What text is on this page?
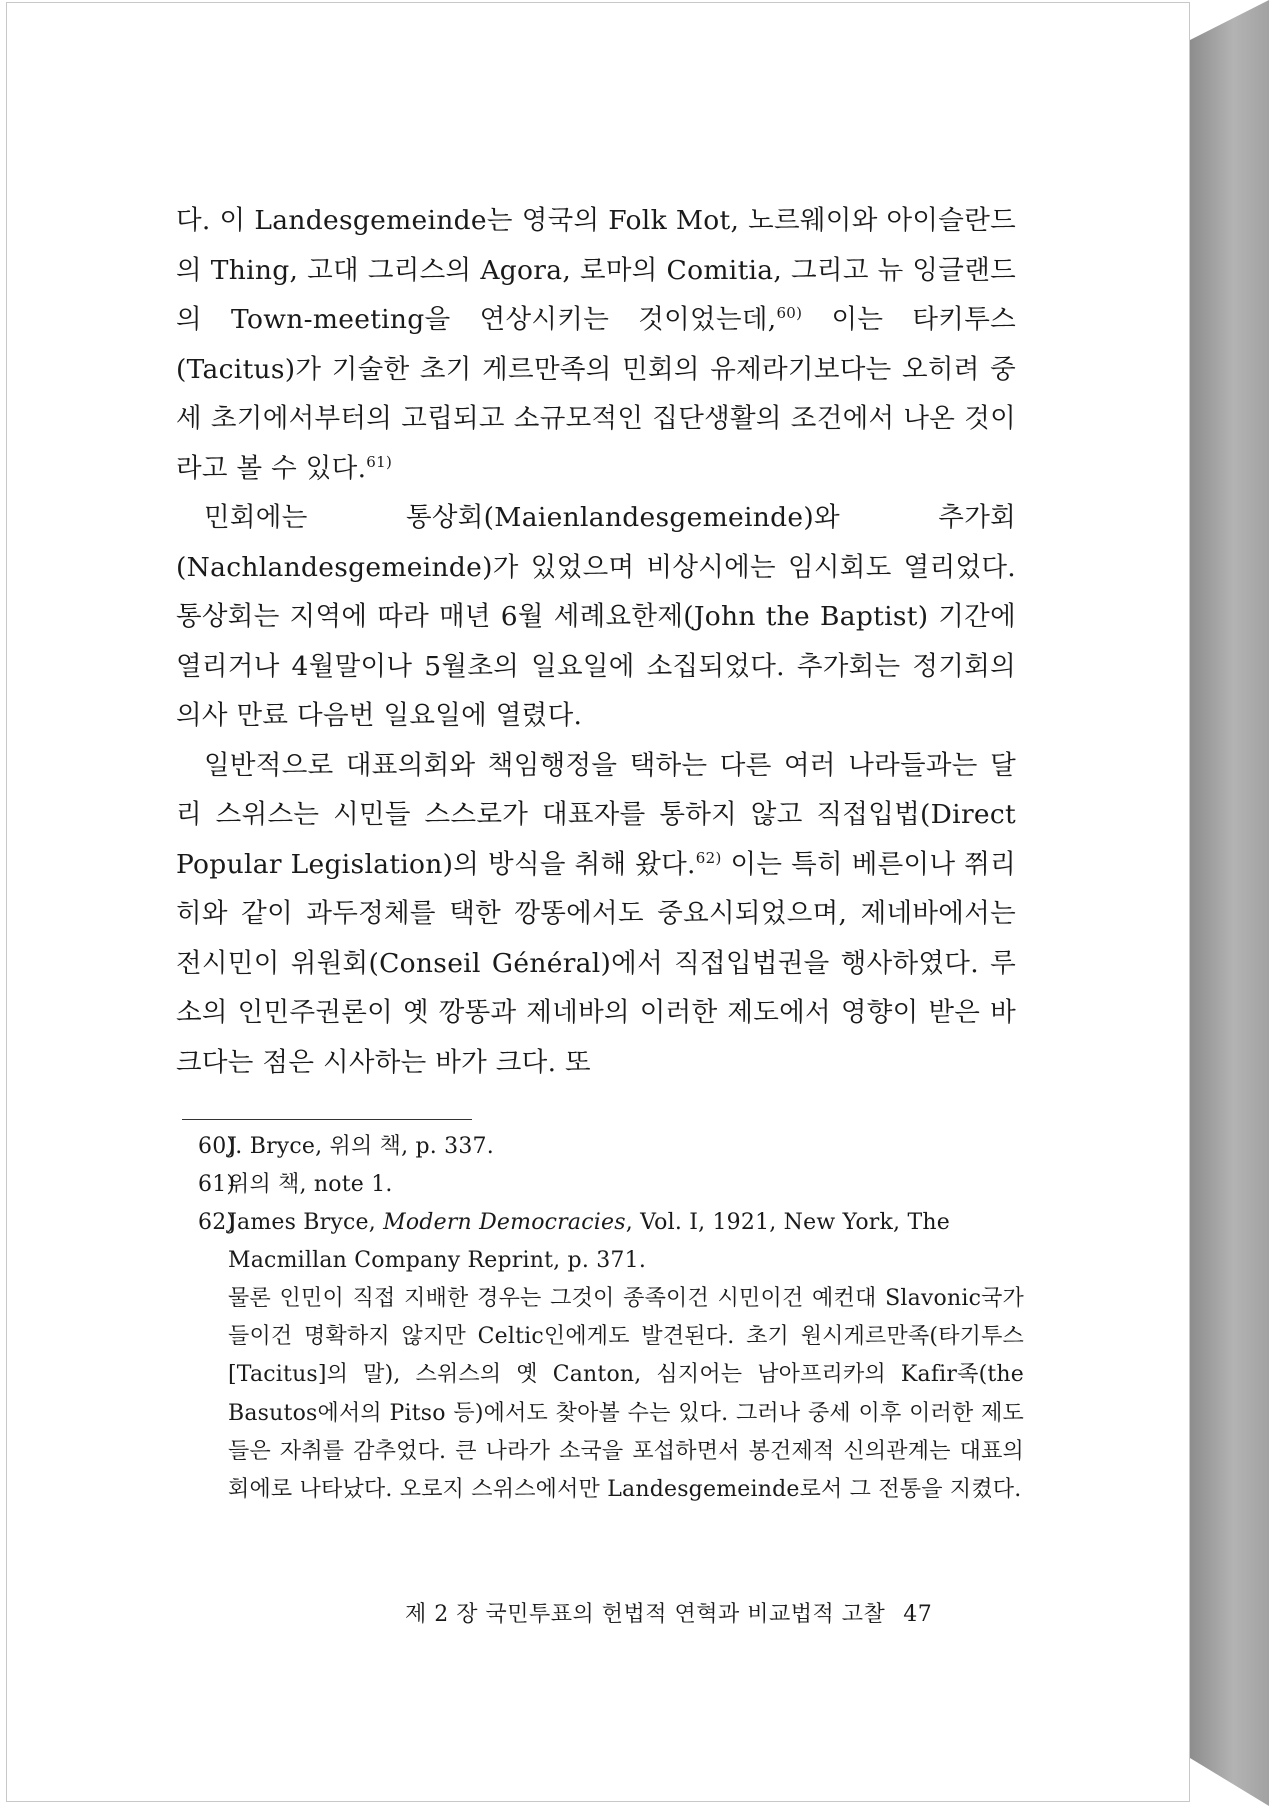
다. 이 Landesgemeinde는 영국의 Folk Mot, 노르웨이와 아이슬란드의 Thing, 고대 그리스의 Agora, 로마의 Comitia, 그리고 뉴 잉글랜드의 Town-meeting을 연상시키는 것이었는데,$^{60)}$ 이는 타키투스(Tacitus)가 기술한 초기 게르만족의 민회의 유제라기보다는 오히려 중세 초기에서부터의 고립되고 소규모적인 집단생활의 조건에서 나온 것이라고 볼 수 있다.$^{61)}$

민회에는 통상회(Maienlandesgemeinde)와 추가회(Nachlandesgemeinde)가 있었으며 비상시에는 임시회도 열리었다. 통상회는 지역에 따라 매년 6월 세례요한제(John the Baptist) 기간에 열리거나 4월말이나 5월초의 일요일에 소집되었다. 추가회는 정기회의 의사 만료 다음번 일요일에 열렸다.

일반적으로 대표의회와 책임행정을 택하는 다른 여러 나라들과는 달리 스위스는 시민들 스스로가 대표자를 통하지 않고 직접입법(Direct Popular Legislation)의 방식을 취해 왔다.$^{62)}$ 이는 특히 베른이나 쮜리히와 같이 과두정체를 택한 깡똥에서도 중요시되었으며, 제네바에서는 전시민이 위원회(Conseil Général)에서 직접입법권을 행사하였다. 루소의 인민주권론이 옛 깡똥과 제네바의 이러한 제도에서 영향이 받은 바 크다는 점은 시사하는 바가 크다. 또

60)J. Bryce, 위의 책, p. 337.

61)위의 책, note 1.

62)James Bryce, Modern Democracies, Vol. I, 1921, New York, The Macmillan Company Reprint, p. 371.

물론 인민이 직접 지배한 경우는 그것이 종족이건 시민이건 예컨대 Slavonic국가들이건 명확하지 않지만 Celtic인에게도 발견된다. 초기 원시게르만족(타기투스[Tacitus]의 말), 스위스의 옛 Canton, 심지어는 남아프리카의 Kafir족(the Basutos에서의 Pitso 등)에서도 찾아볼 수는 있다. 그러나 중세 이후 이러한 제도들은 자취를 감추었다. 큰 나라가 소국을 포섭하면서 봉건제적 신의관계는 대표의회에로 나타났다. 오로지 스위스에서만 Landesgemeinde로서 그 전통을 지켰다.

제 2 장 국민투표의 헌법적 연혁과 비교법적 고찰 47
